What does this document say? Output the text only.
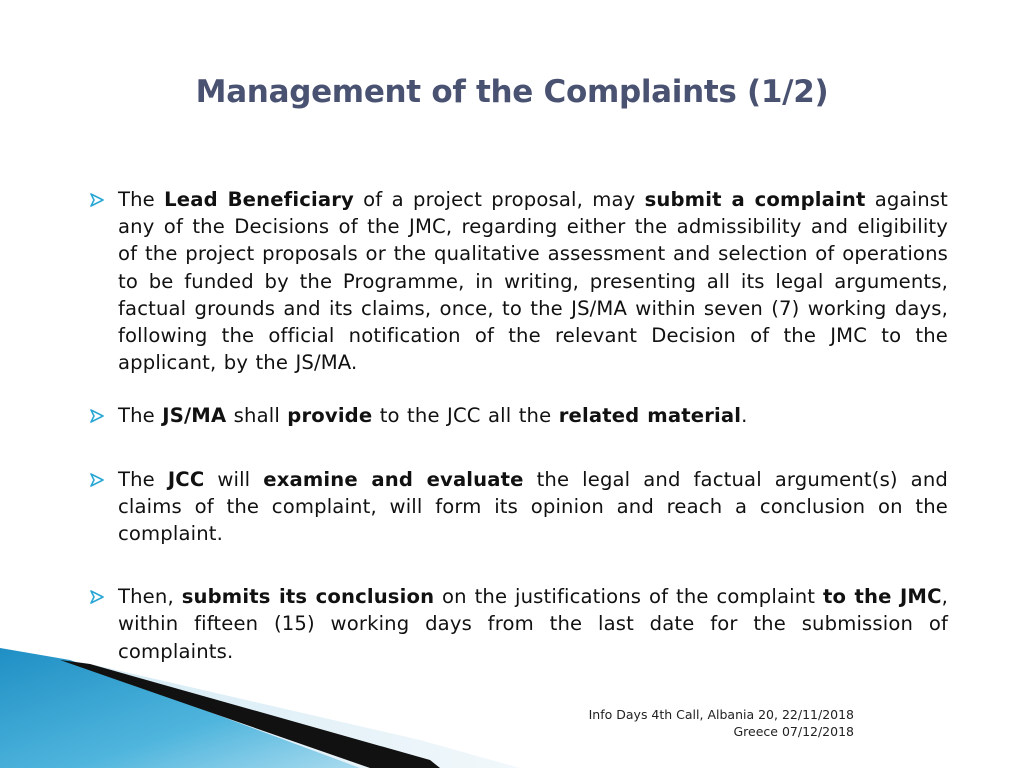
Management of the Complaints (1/2)
The Lead Beneficiary of a project proposal, may submit a complaint against any of the Decisions of the JMC, regarding either the admissibility and eligibility of the project proposals or the qualitative assessment and selection of operations to be funded by the Programme, in writing, presenting all its legal arguments, factual grounds and its claims, once, to the JS/MA within seven (7) working days, following the official notification of the relevant Decision of the JMC to the applicant, by the JS/MA.
The JS/MA shall provide to the JCC all the related material.
The JCC will examine and evaluate the legal and factual argument(s) and claims of the complaint, will form its opinion and reach a conclusion on the complaint.
Then, submits its conclusion on the justifications of the complaint to the JMC, within fifteen (15) working days from the last date for the submission of complaints.
Info Days 4th Call, Albania 20, 22/11/2018
Greece 07/12/2018
